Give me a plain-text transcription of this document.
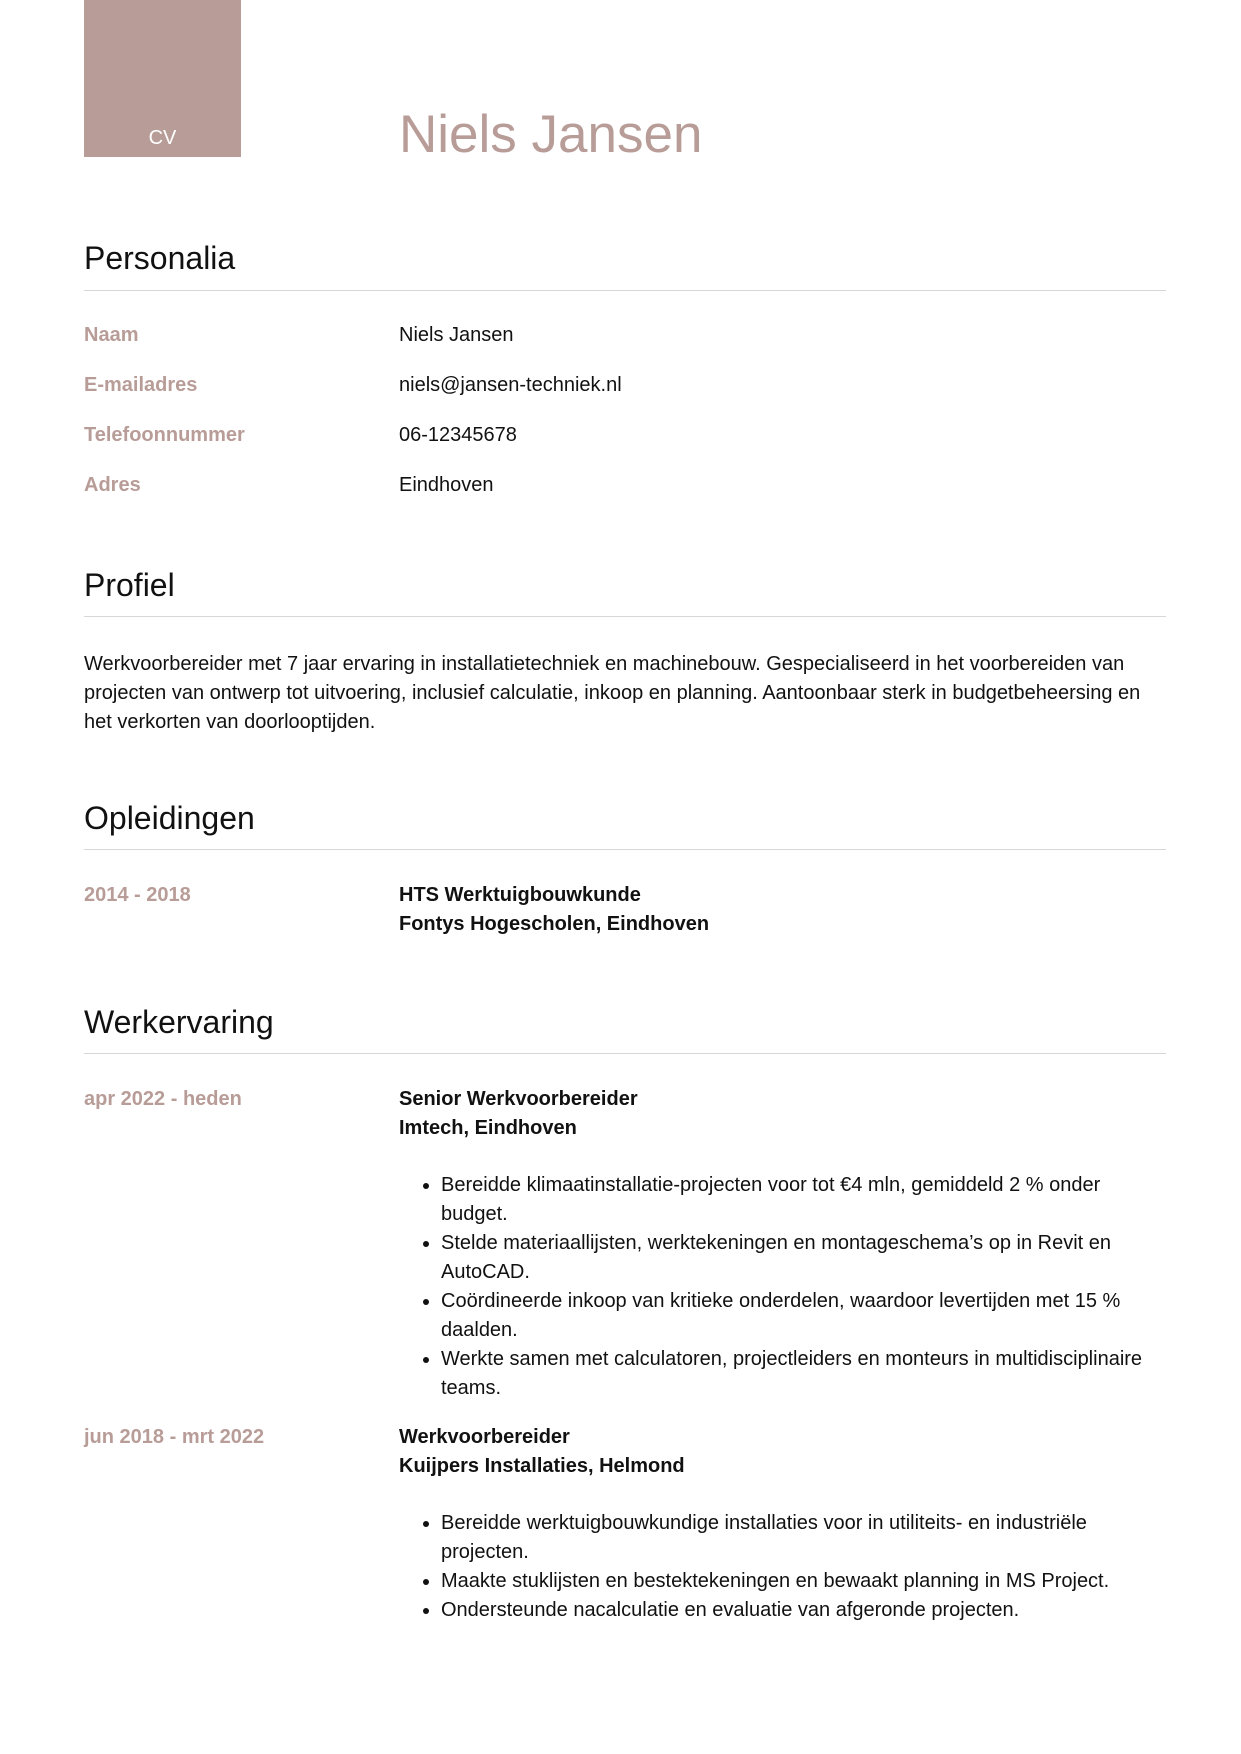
CV	Niels Jansen
Personalia
Naam	Niels Jansen
E-mailadres	niels@jansen-techniek.nl
Telefoonnummer	06-12345678
Adres	Eindhoven
Profiel

Werkvoorbereider met 7 jaar ervaring in installatietechniek en machinebouw. Gespecialiseerd in het voorbereiden van projecten van ontwerp tot uitvoering, inclusief calculatie, inkoop en planning. Aantoonbaar sterk in budgetbeheersing en het verkorten van doorlooptijden.

Opleidingen
2014 - 2018	HTS Werktuigbouwkunde
Fontys Hogescholen, Eindhoven
Werkervaring
apr 2022 - heden	Senior Werkvoorbereider
Imtech, Eindhoven
• Bereidde klimaatinstallatie-projecten voor tot €4 mln, gemiddeld 2 % onder budget.
• Stelde materiaallijsten, werktekeningen en montageschema’s op in Revit en AutoCAD.
• Coördineerde inkoop van kritieke onderdelen, waardoor levertijden met 15 % daalden.
• Werkte samen met calculatoren, projectleiders en monteurs in multidisciplinaire teams.
jun 2018 - mrt 2022	Werkvoorbereider
Kuijpers Installaties, Helmond
• Bereidde werktuigbouwkundige installaties voor in utiliteits- en industriële projecten.
• Maakte stuklijsten en bestektekeningen en bewaakt planning in MS Project.
• Ondersteunde nacalculatie en evaluatie van afgeronde projecten.
